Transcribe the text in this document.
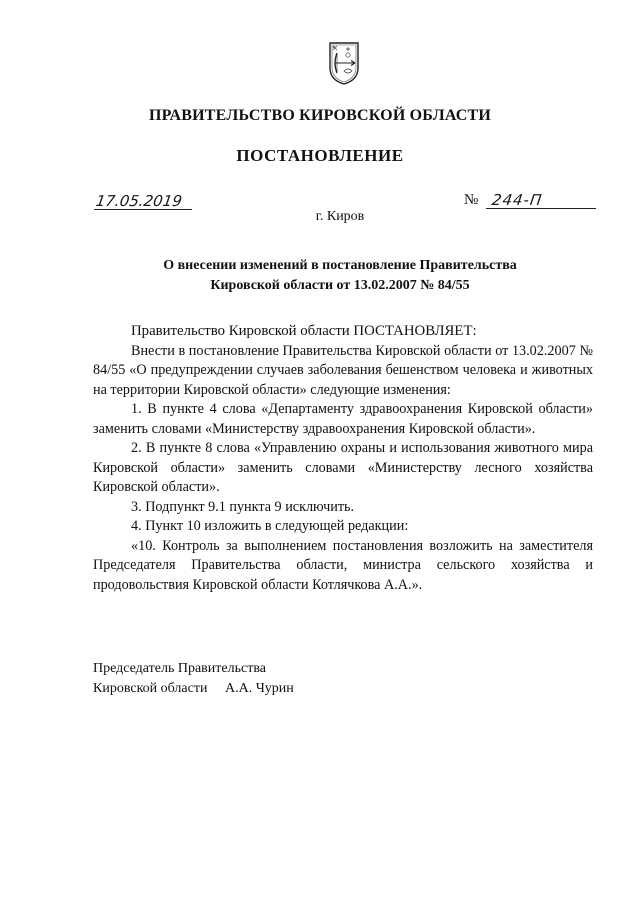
ПРАВИТЕЛЬСТВО КИРОВСКОЙ ОБЛАСТИ
ПОСТАНОВЛЕНИЕ
17.05.2019	№ 244-П
г. Киров
О внесении изменений в постановление Правительства
Кировской области от 13.02.2007 № 84/55

Правительство Кировской области ПОСТАНОВЛЯЕТ:

Внести в постановление Правительства Кировской области от 13.02.2007 № 84/55 «О предупреждении случаев заболевания бешенством человека и животных на территории Кировской области» следующие изменения:

1. В пункте 4 слова «Департаменту здравоохранения Кировской области» заменить словами «Министерству здравоохранения Кировской области».

2. В пункте 8 слова «Управлению охраны и использования животного мира Кировской области» заменить словами «Министерству лесного хозяйства Кировской области».

3. Подпункт 9.1 пункта 9 исключить.

4. Пункт 10 изложить в следующей редакции:

«10. Контроль за выполнением постановления возложить на заместителя Председателя Правительства области, министра сельского хозяйства и продовольствия Кировской области Котлячкова А.А.».

Председатель Правительства
Кировской области А.А. Чурин
